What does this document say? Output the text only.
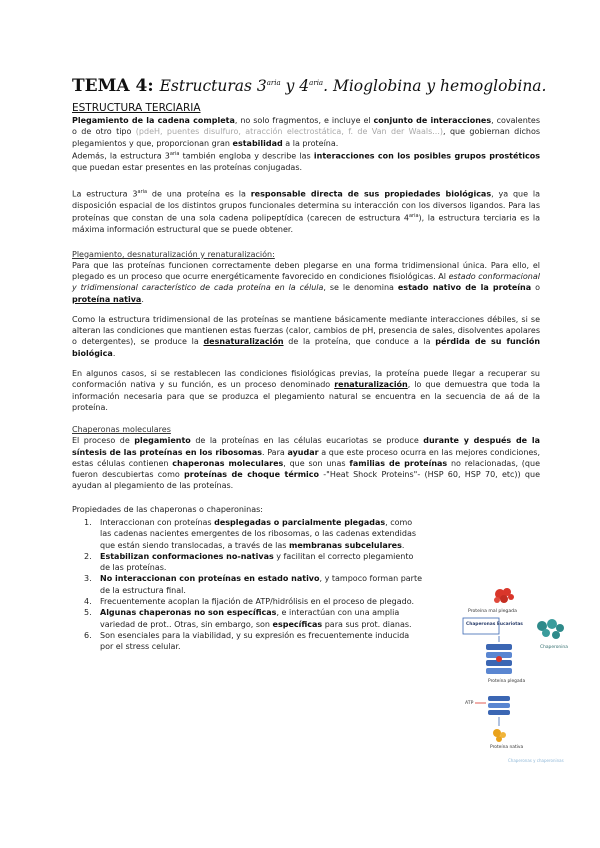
TEMA 4: Estructuras $3^{aria}$ y $4^{aria}$. Mioglobina y hemoglobina.
ESTRUCTURA TERCIARIA

Plegamiento de la cadena completa, no solo fragmentos, e incluye el conjunto de interacciones, covalentes o de otro tipo (pdeH, puentes disulfuro, atracción electrostática, f. de Van der Waals...), que gobiernan dichos plegamientos y que, proporcionan gran estabilidad a la proteína.

Además, la estructura $3^{aria}$ también engloba y describe las interacciones con los posibles grupos prostéticos que puedan estar presentes en las proteínas conjugadas.

La estructura $3^{aria}$ de una proteína es la responsable directa de sus propiedades biológicas, ya que la disposición espacial de los distintos grupos funcionales determina su interacción con los diversos ligandos. Para las proteínas que constan de una sola cadena polipeptídica (carecen de estructura $4^{aria}$), la estructura terciaria es la máxima información estructural que se puede obtener.

Plegamiento, desnaturalización y renaturalización:

Para que las proteínas funcionen correctamente deben plegarse en una forma tridimensional única. Para ello, el plegado es un proceso que ocurre energéticamente favorecido en condiciones fisiológicas. Al estado conformacional y tridimensional característico de cada proteína en la célula, se le denomina estado nativo de la proteína o proteína nativa.

Como la estructura tridimensional de las proteínas se mantiene básicamente mediante interacciones débiles, si se alteran las condiciones que mantienen estas fuerzas (calor, cambios de pH, presencia de sales, disolventes apolares o detergentes), se produce la desnaturalización de la proteína, que conduce a la pérdida de su función biológica.

En algunos casos, si se restablecen las condiciones fisiológicas previas, la proteína puede llegar a recuperar su conformación nativa y su función, es un proceso denominado renaturalización, lo que demuestra que toda la información necesaria para que se produzca el plegamiento natural se encuentra en la secuencia de aá de la proteína.

Chaperonas moleculares

El proceso de plegamiento de la proteínas en las células eucariotas se produce durante y después de la síntesis de las proteínas en los ribosomas. Para ayudar a que este proceso ocurra en las mejores condiciones, estas células contienen chaperonas moleculares, que son unas familias de proteínas no relacionadas, (que fueron descubiertas como proteínas de choque térmico -"Heat Shock Proteins"- (HSP 60, HSP 70, etc)) que ayudan al plegamiento de las proteínas.

Propiedades de las chaperonas o chaperoninas:

1. Interaccionan con proteínas desplegadas o parcialmente plegadas, como las cadenas nacientes emergentes de los ribosomas, o las cadenas extendidas que están siendo translocadas, a través de las membranas subcelulares.
2. Estabilizan conformaciones no-nativas y facilitan el correcto plegamiento de las proteínas.
3. No interaccionan con proteínas en estado nativo, y tampoco forman parte de la estructura final.
4. Frecuentemente acoplan la fijación de ATP/hidrólisis en el proceso de plegado.
5. Algunas chaperonas no son específicas, e interactúan con una amplia variedad de prot.. Otras, sin embargo, son específicas para sus prot. dianas.
6. Son esenciales para la viabilidad, y su expresión es frecuentemente inducida por el stress celular.
Proteína mal plegada
Chaperonas Eucariotas
Chaperonina
Proteína plegada
ATP
Proteína nativa
Chaperonas y chaperoninas
